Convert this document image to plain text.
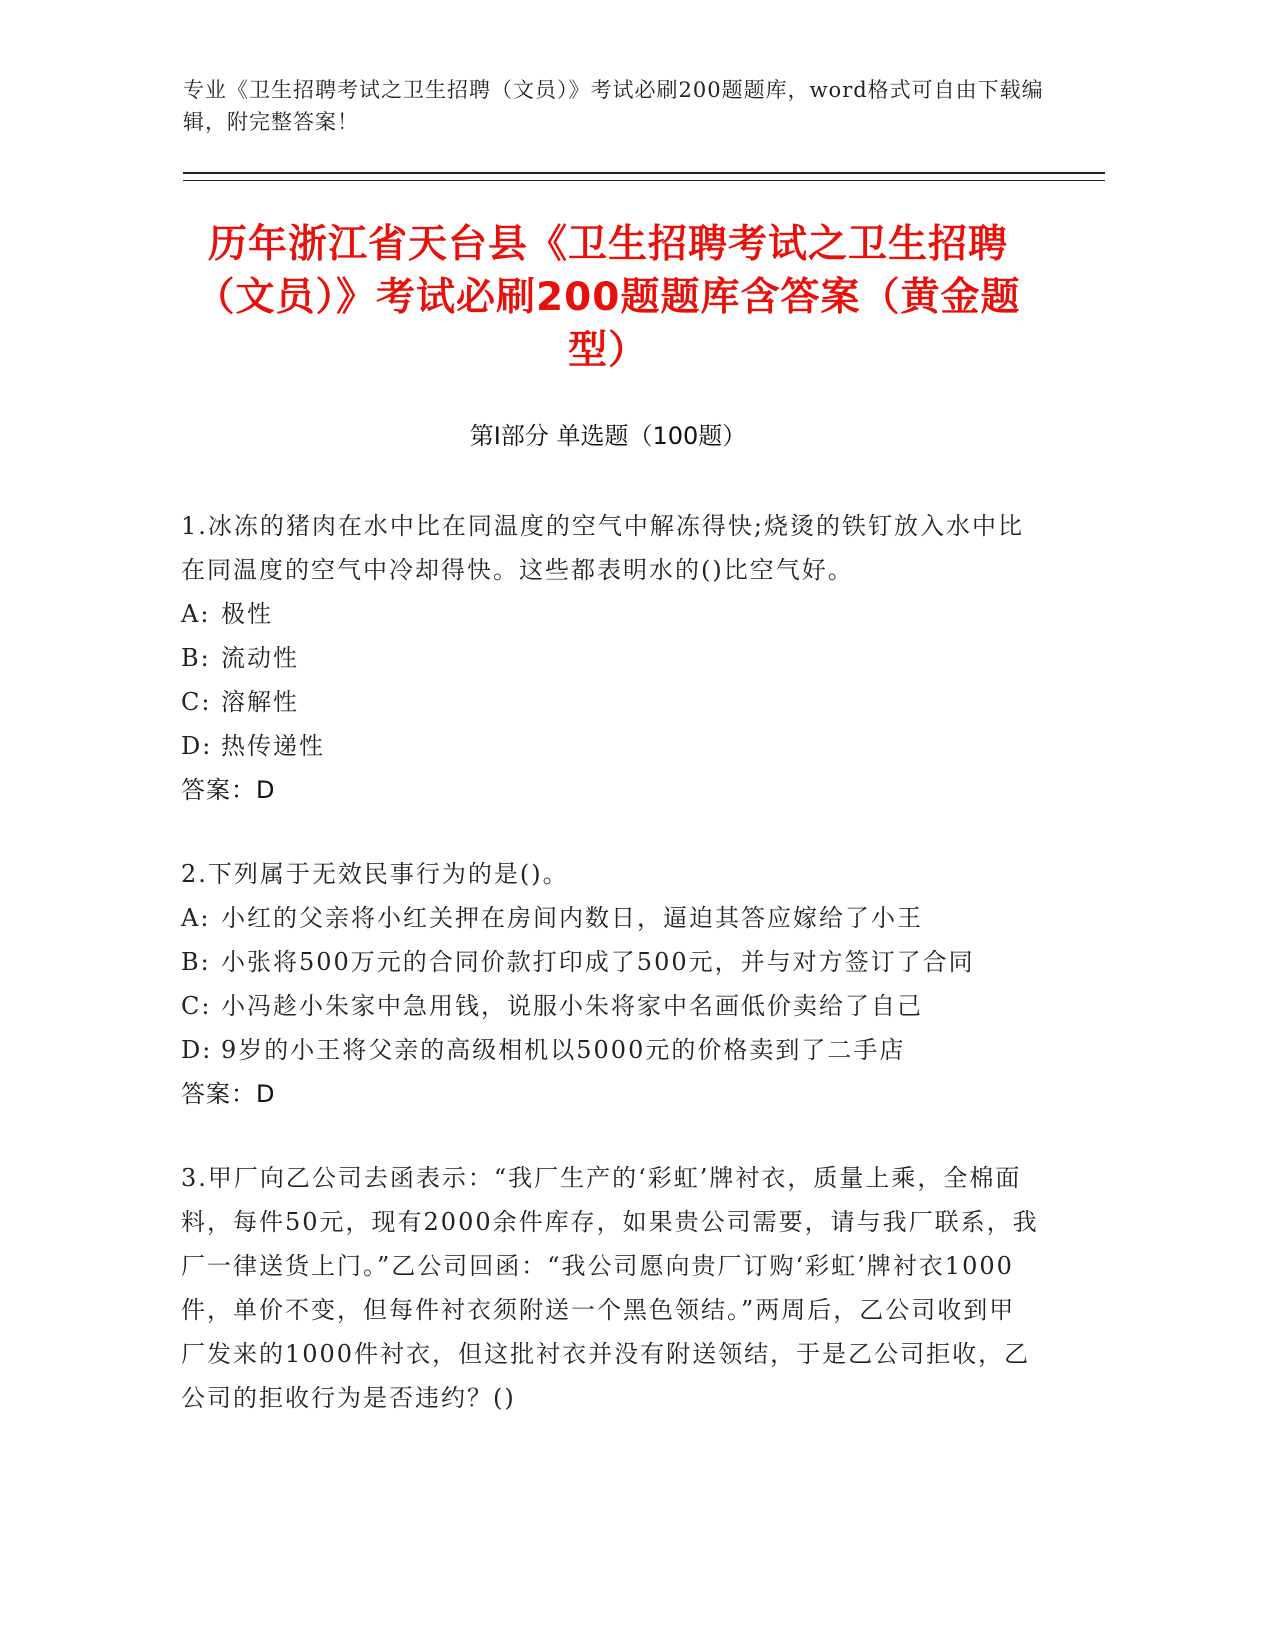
专业《卫生招聘考试之卫生招聘（文员）》考试必刷200题题库，word格式可自由下载编辑，附完整答案！
历年浙江省天台县《卫生招聘考试之卫生招聘（文员）》考试必刷200题题库含答案（黄金题型）
第I部分 单选题（100题）
1.冰冻的猪肉在水中比在同温度的空气中解冻得快;烧烫的铁钉放入水中比在同温度的空气中冷却得快。这些都表明水的()比空气好。
A: 极性
B: 流动性
C: 溶解性
D: 热传递性
答案：D
2.下列属于无效民事行为的是()。
A: 小红的父亲将小红关押在房间内数日，逼迫其答应嫁给了小王
B: 小张将500万元的合同价款打印成了500元，并与对方签订了合同
C: 小冯趁小朱家中急用钱，说服小朱将家中名画低价卖给了自己
D: 9岁的小王将父亲的高级相机以5000元的价格卖到了二手店
答案：D
3.甲厂向乙公司去函表示：“我厂生产的‘彩虹’牌衬衣，质量上乘，全棉面料，每件50元，现有2000余件库存，如果贵公司需要，请与我厂联系，我厂一律送货上门。”乙公司回函：“我公司愿向贵厂订购‘彩虹’牌衬衣1000件，单价不变，但每件衬衣须附送一个黑色领结。”两周后，乙公司收到甲厂发来的1000件衬衣，但这批衬衣并没有附送领结，于是乙公司拒收，乙公司的拒收行为是否违约？()
